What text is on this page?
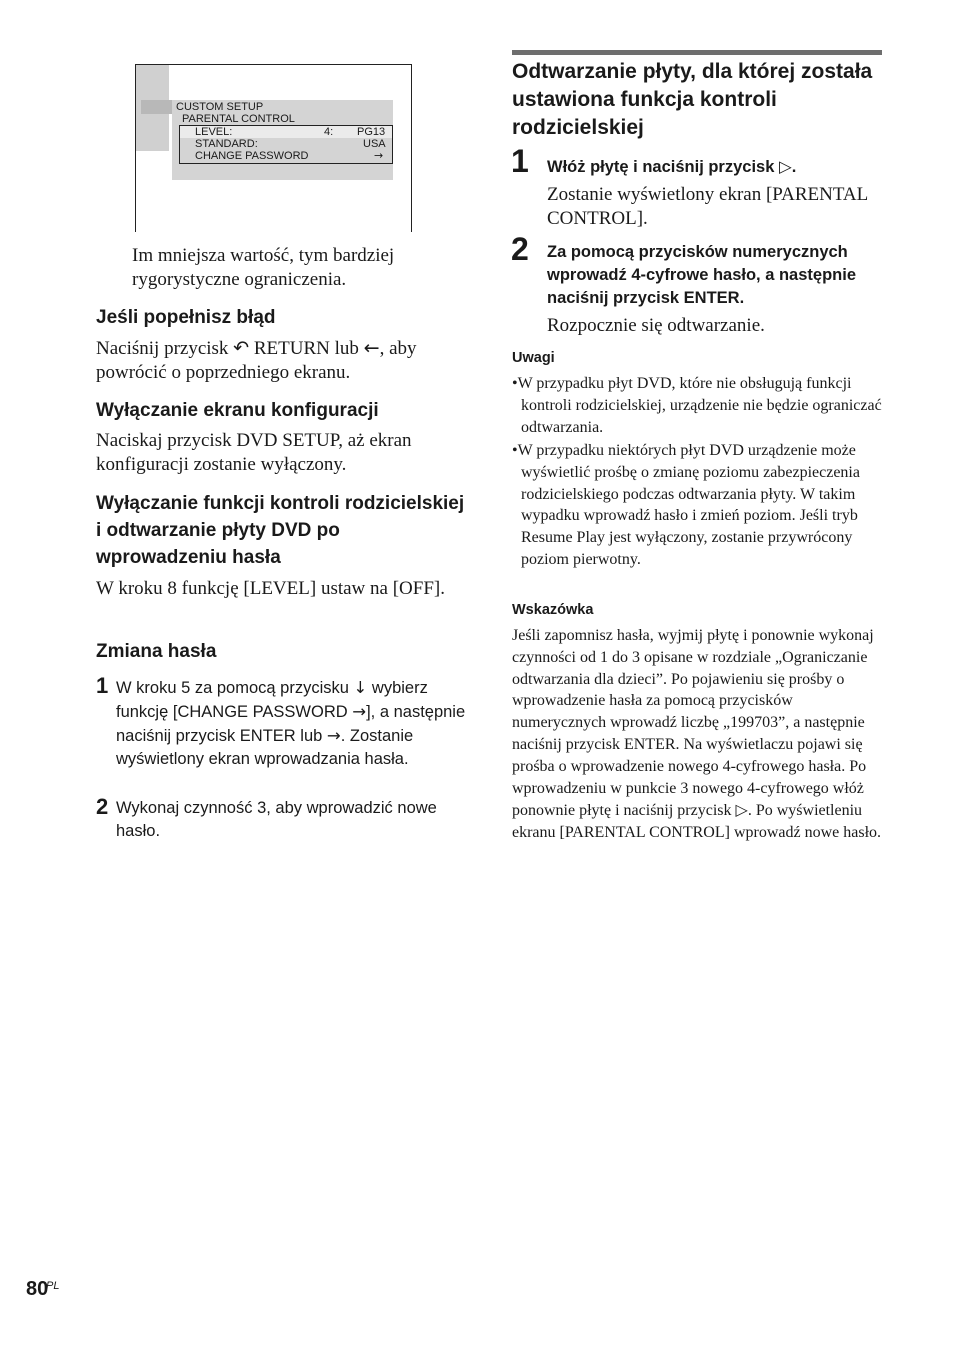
CUSTOM SETUP
PARENTAL CONTROL
LEVEL:	4: PG13
STANDARD:	USA
CHANGE PASSWORD	→
Im mniejsza wartość, tym bardziej rygorystyczne ograniczenia.
Jeśli popełnisz błąd
Naciśnij przycisk ↶ RETURN lub ←, aby powrócić o poprzedniego ekranu.
Wyłączanie ekranu konfiguracji
Naciskaj przycisk DVD SETUP, aż ekran konfiguracji zostanie wyłączony.
Wyłączanie funkcji kontroli rodzicielskiej i odtwarzanie płyty DVD po wprowadzeniu hasła
W kroku 8 funkcję [LEVEL] ustaw na [OFF].
Zmiana hasła
1 W kroku 5 za pomocą przycisku ↓ wybierz funkcję [CHANGE PASSWORD →], a następnie naciśnij przycisk ENTER lub →. Zostanie wyświetlony ekran wprowadzania hasła.
2 Wykonaj czynność 3, aby wprowadzić nowe hasło.
Odtwarzanie płyty, dla której została ustawiona funkcja kontroli rodzicielskiej
1 Włóż płytę i naciśnij przycisk ▷.
Zostanie wyświetlony ekran [PARENTAL CONTROL].
2 Za pomocą przycisków numerycznych wprowadź 4-cyfrowe hasło, a następnie naciśnij przycisk ENTER.
Rozpocznie się odtwarzanie.
Uwagi
•W przypadku płyt DVD, które nie obsługują funkcji kontroli rodzicielskiej, urządzenie nie będzie ograniczać odtwarzania.
•W przypadku niektórych płyt DVD urządzenie może wyświetlić prośbę o zmianę poziomu zabezpieczenia rodzicielskiego podczas odtwarzania płyty. W takim wypadku wprowadź hasło i zmień poziom. Jeśli tryb Resume Play jest wyłączony, zostanie przywrócony poziom pierwotny.
Wskazówka
Jeśli zapomnisz hasła, wyjmij płytę i ponownie wykonaj czynności od 1 do 3 opisane w rozdziale „Ograniczanie odtwarzania dla dzieci”. Po pojawieniu się prośby o wprowadzenie hasła za pomocą przycisków numerycznych wprowadź liczbę „199703”, a następnie naciśnij przycisk ENTER. Na wyświetlaczu pojawi się prośba o wprowadzenie nowego 4-cyfrowego hasła. Po wprowadzeniu w punkcie 3 nowego 4-cyfrowego włóż ponownie płytę i naciśnij przycisk ▷. Po wyświetleniu ekranu [PARENTAL CONTROL] wprowadź nowe hasło.
80
PL
